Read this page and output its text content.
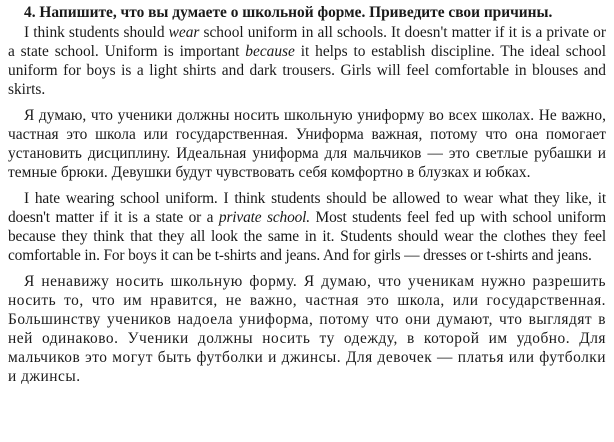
4. Напишите, что вы думаете о школьной форме. Приведите свои причины.

I think students should wear school uniform in all schools. It doesn't matter if it is a private or a state school. Uniform is important because it helps to establish discipline. The ideal school uniform for boys is a light shirts and dark trousers. Girls will feel comfortable in blouses and skirts.

Я думаю, что ученики должны носить школьную униформу во всех школах. Не важно, частная это школа или государственная. Униформа важная, потому что она помогает установить дисциплину. Идеальная униформа для мальчиков — это светлые рубашки и темные брюки. Девушки будут чувствовать себя комфортно в блузках и юбках.

I hate wearing school uniform. I think students should be allowed to wear what they like, it doesn't matter if it is a state or a private school. Most students feel fed up with school uniform because they think that they all look the same in it. Students should wear the clothes they feel comfortable in. For boys it can be t-shirts and jeans. And for girls — dresses or t-shirts and jeans.

Я ненавижу носить школьную форму. Я думаю, что ученикам нужно разрешить носить то, что им нравится, не важно, частная это школа, или государственная. Большинству учеников надоела униформа, потому что они думают, что выглядят в ней одинаково. Ученики должны носить ту одежду, в которой им удобно. Для мальчиков это могут быть футболки и джинсы. Для девочек — платья или футболки и джинсы.
